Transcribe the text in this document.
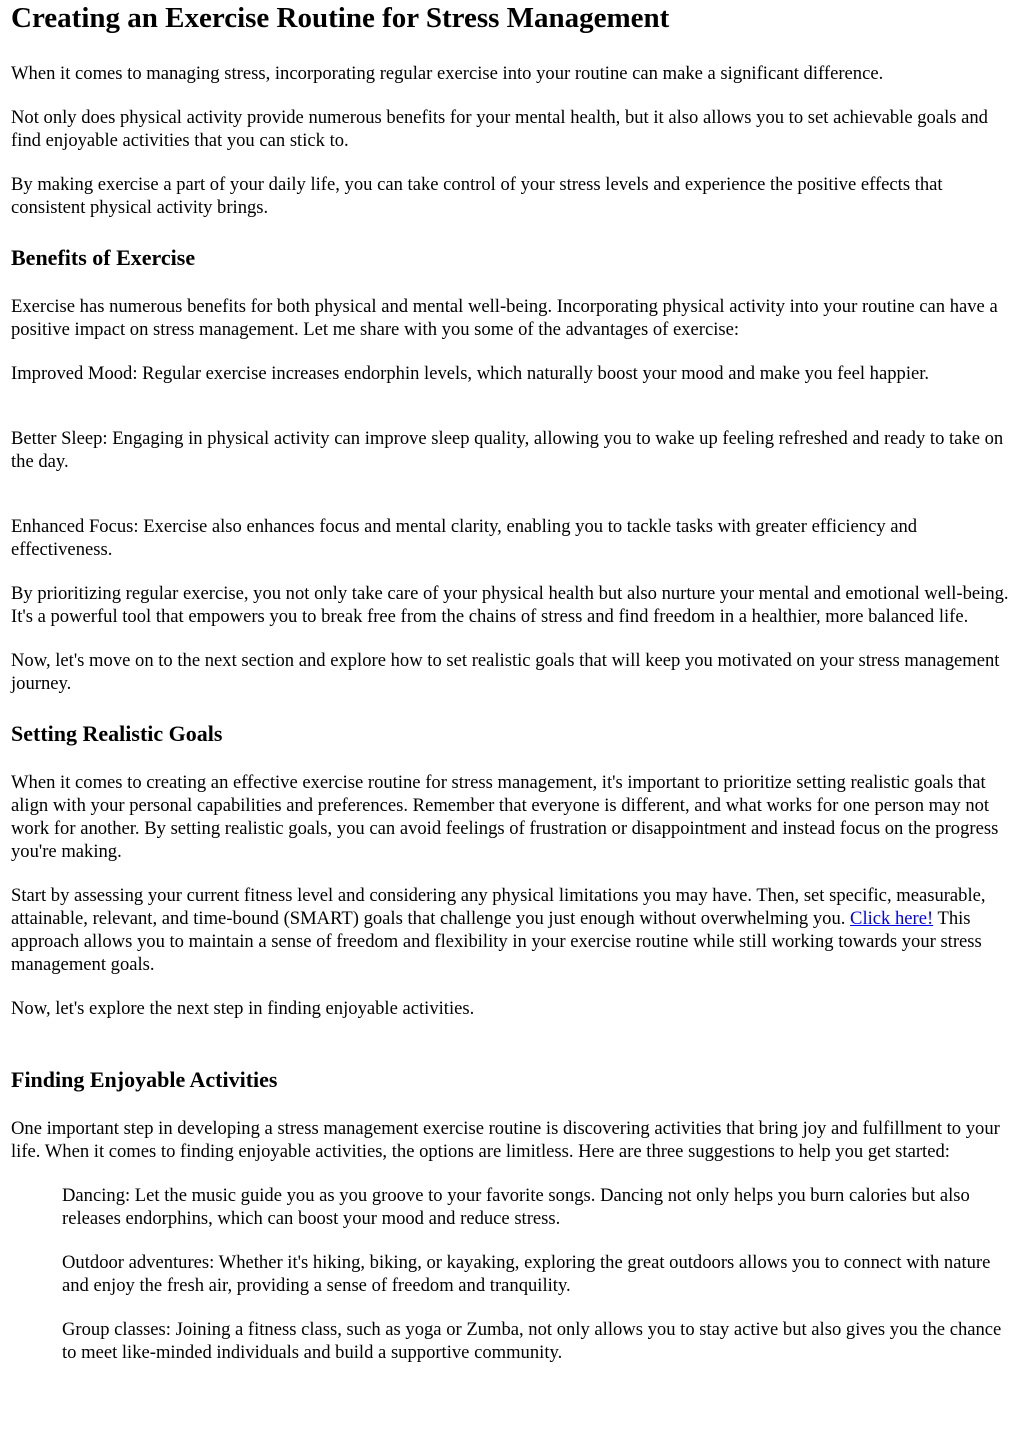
Creating an Exercise Routine for Stress Management

When it comes to managing stress, incorporating regular exercise into your routine can make a significant difference.

Not only does physical activity provide numerous benefits for your mental health, but it also allows you to set achievable goals and find enjoyable activities that you can stick to.

By making exercise a part of your daily life, you can take control of your stress levels and experience the positive effects that consistent physical activity brings.

Benefits of Exercise

Exercise has numerous benefits for both physical and mental well-being. Incorporating physical activity into your routine can have a positive impact on stress management. Let me share with you some of the advantages of exercise:

Improved Mood: Regular exercise increases endorphin levels, which naturally boost your mood and make you feel happier.

Better Sleep: Engaging in physical activity can improve sleep quality, allowing you to wake up feeling refreshed and ready to take on the day.

Enhanced Focus: Exercise also enhances focus and mental clarity, enabling you to tackle tasks with greater efficiency and effectiveness.

By prioritizing regular exercise, you not only take care of your physical health but also nurture your mental and emotional well-being. It's a powerful tool that empowers you to break free from the chains of stress and find freedom in a healthier, more balanced life.

Now, let's move on to the next section and explore how to set realistic goals that will keep you motivated on your stress management journey.

Setting Realistic Goals

When it comes to creating an effective exercise routine for stress management, it's important to prioritize setting realistic goals that align with your personal capabilities and preferences. Remember that everyone is different, and what works for one person may not work for another. By setting realistic goals, you can avoid feelings of frustration or disappointment and instead focus on the progress you're making.

Start by assessing your current fitness level and considering any physical limitations you may have. Then, set specific, measurable, attainable, relevant, and time-bound (SMART) goals that challenge you just enough without overwhelming you. Click here! This approach allows you to maintain a sense of freedom and flexibility in your exercise routine while still working towards your stress management goals.

Now, let's explore the next step in finding enjoyable activities.

Finding Enjoyable Activities

One important step in developing a stress management exercise routine is discovering activities that bring joy and fulfillment to your life. When it comes to finding enjoyable activities, the options are limitless. Here are three suggestions to help you get started:

Dancing: Let the music guide you as you groove to your favorite songs. Dancing not only helps you burn calories but also releases endorphins, which can boost your mood and reduce stress.
Outdoor adventures: Whether it's hiking, biking, or kayaking, exploring the great outdoors allows you to connect with nature and enjoy the fresh air, providing a sense of freedom and tranquility.
Group classes: Joining a fitness class, such as yoga or Zumba, not only allows you to stay active but also gives you the chance to meet like-minded individuals and build a supportive community.
